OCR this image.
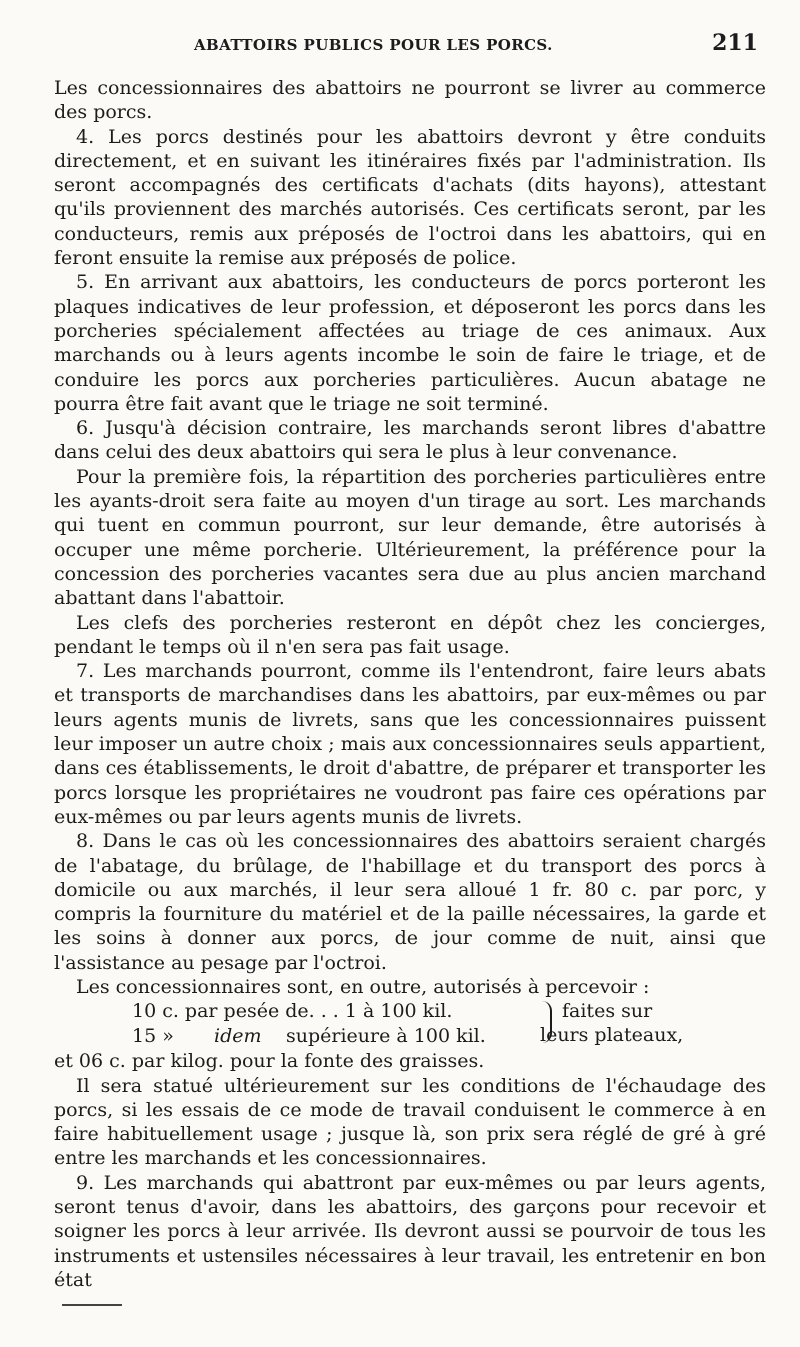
ABATTOIRS PUBLICS POUR LES PORCS.	211

Les concessionnaires des abattoirs ne pourront se livrer au commerce des porcs.

4. Les porcs destinés pour les abattoirs devront y être conduits directement, et en suivant les itinéraires fixés par l'administration. Ils seront accompagnés des certificats d'achats (dits hayons), attestant qu'ils proviennent des marchés autorisés. Ces certificats seront, par les conducteurs, remis aux préposés de l'octroi dans les abattoirs, qui en feront ensuite la remise aux préposés de police.

5. En arrivant aux abattoirs, les conducteurs de porcs porteront les plaques indicatives de leur profession, et déposeront les porcs dans les porcheries spécialement affectées au triage de ces animaux. Aux marchands ou à leurs agents incombe le soin de faire le triage, et de conduire les porcs aux porcheries particulières. Aucun abatage ne pourra être fait avant que le triage ne soit terminé.

6. Jusqu'à décision contraire, les marchands seront libres d'abattre dans celui des deux abattoirs qui sera le plus à leur convenance.

Pour la première fois, la répartition des porcheries particulières entre les ayants-droit sera faite au moyen d'un tirage au sort. Les marchands qui tuent en commun pourront, sur leur demande, être autorisés à occuper une même porcherie. Ultérieurement, la préférence pour la concession des porcheries vacantes sera due au plus ancien marchand abattant dans l'abattoir.

Les clefs des porcheries resteront en dépôt chez les concierges, pendant le temps où il n'en sera pas fait usage.

7. Les marchands pourront, comme ils l'entendront, faire leurs abats et transports de marchandises dans les abattoirs, par eux-mêmes ou par leurs agents munis de livrets, sans que les concessionnaires puissent leur imposer un autre choix ; mais aux concessionnaires seuls appartient, dans ces établissements, le droit d'abattre, de préparer et transporter les porcs lorsque les propriétaires ne voudront pas faire ces opérations par eux-mêmes ou par leurs agents munis de livrets.

8. Dans le cas où les concessionnaires des abattoirs seraient chargés de l'abatage, du brûlage, de l'habillage et du transport des porcs à domicile ou aux marchés, il leur sera alloué 1 fr. 80 c. par porc, y compris la fourniture du matériel et de la paille nécessaires, la garde et les soins à donner aux porcs, de jour comme de nuit, ainsi que l'assistance au pesage par l'octroi.

Les concessionnaires sont, en outre, autorisés à percevoir :

10 c. par pesée de. . . 1 à 100 kil.
15 » idem supérieure à 100 kil.
faites sur
leurs plateaux,

et 06 c. par kilog. pour la fonte des graisses.

Il sera statué ultérieurement sur les conditions de l'échaudage des porcs, si les essais de ce mode de travail conduisent le commerce à en faire habituellement usage ; jusque là, son prix sera réglé de gré à gré entre les marchands et les concessionnaires.

9. Les marchands qui abattront par eux-mêmes ou par leurs agents, seront tenus d'avoir, dans les abattoirs, des garçons pour recevoir et soigner les porcs à leur arrivée. Ils devront aussi se pourvoir de tous les instruments et ustensiles nécessaires à leur travail, les entretenir en bon état
